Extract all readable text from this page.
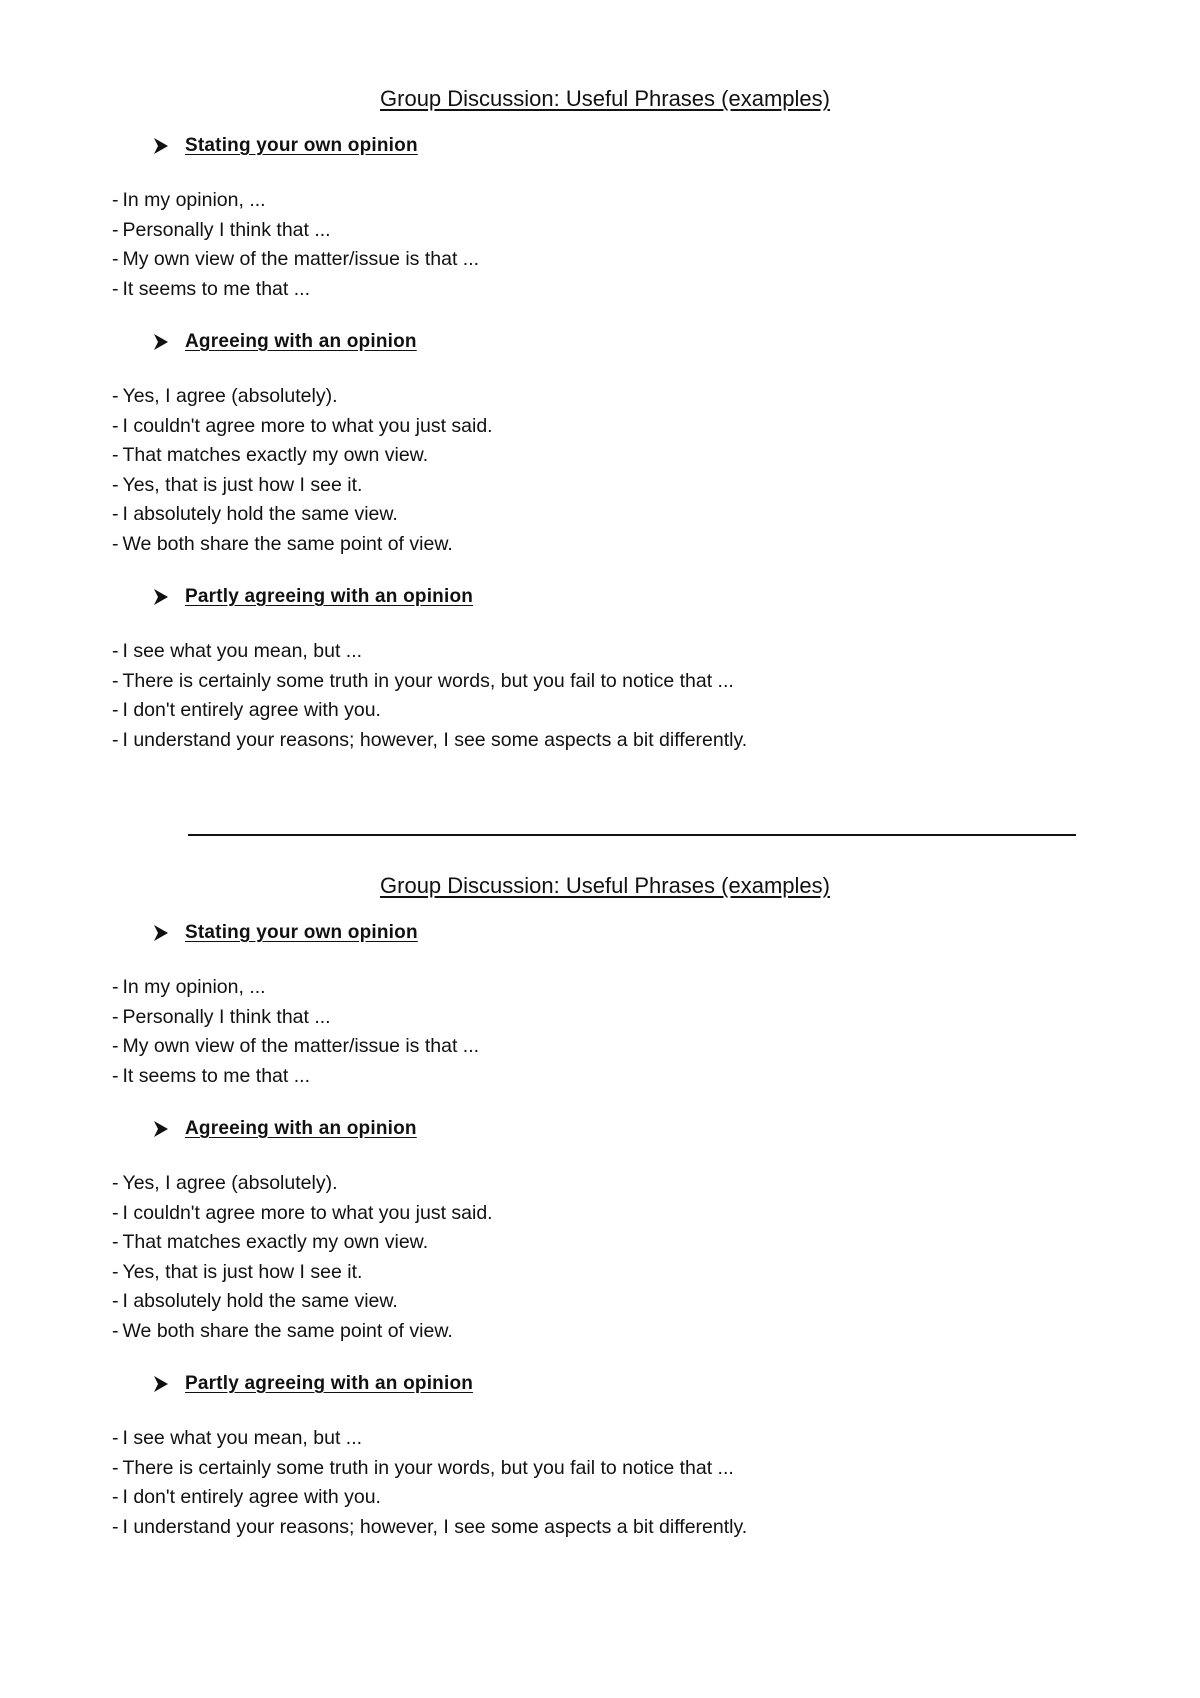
Group Discussion: Useful Phrases (examples)
Stating your own opinion
- In my opinion, ...
- Personally I think that ...
- My own view of the matter/issue is that ...
- It seems to me that ...
Agreeing with an opinion
- Yes, I agree (absolutely).
- I couldn't agree more to what you just said.
- That matches exactly my own view.
- Yes, that is just how I see it.
- I absolutely hold the same view.
- We both share the same point of view.
Partly agreeing with an opinion
- I see what you mean, but ...
- There is certainly some truth in your words, but you fail to notice that ...
- I don't entirely agree with you.
- I understand your reasons; however, I see some aspects a bit differently.
Group Discussion: Useful Phrases (examples)
Stating your own opinion
- In my opinion, ...
- Personally I think that ...
- My own view of the matter/issue is that ...
- It seems to me that ...
Agreeing with an opinion
- Yes, I agree (absolutely).
- I couldn't agree more to what you just said.
- That matches exactly my own view.
- Yes, that is just how I see it.
- I absolutely hold the same view.
- We both share the same point of view.
Partly agreeing with an opinion
- I see what you mean, but ...
- There is certainly some truth in your words, but you fail to notice that ...
- I don't entirely agree with you.
- I understand your reasons; however, I see some aspects a bit differently.
